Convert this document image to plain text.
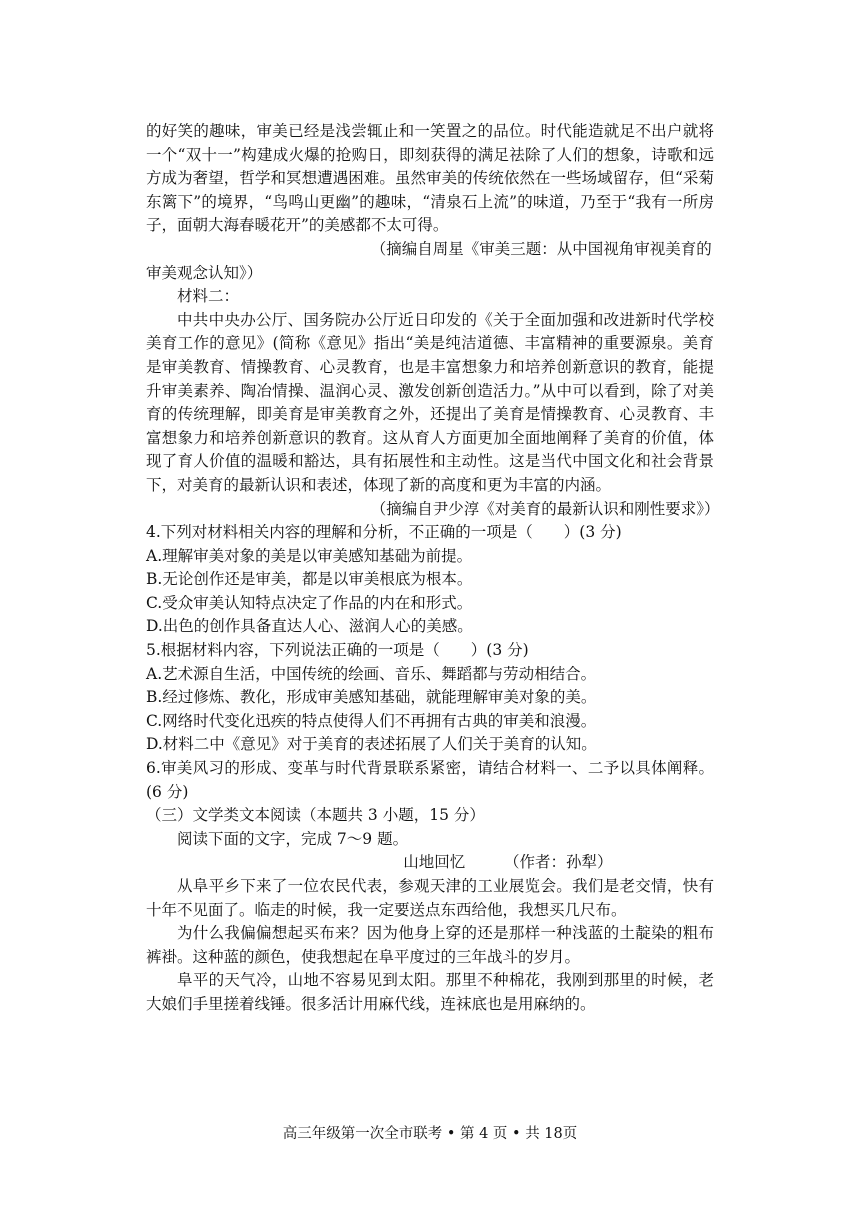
的好笑的趣味，审美已经是浅尝辄止和一笑置之的品位。时代能造就足不出户就将一个“双十一”构建成火爆的抢购日，即刻获得的满足祛除了人们的想象，诗歌和远方成为奢望，哲学和冥想遭遇困难。虽然审美的传统依然在一些场域留存，但“采菊东篱下”的境界，“鸟鸣山更幽”的趣味，“清泉石上流”的味道，乃至于“我有一所房子，面朝大海春暖花开”的美感都不太可得。

（摘编自周星《审美三题：从中国视角审视美育的审美观念认知》）

材料二：

中共中央办公厅、国务院办公厅近日印发的《关于全面加强和改进新时代学校美育工作的意见》(简称《意见》指出“美是纯洁道德、丰富精神的重要源泉。美育是审美教育、情操教育、心灵教育，也是丰富想象力和培养创新意识的教育，能提升审美素养、陶冶情操、温润心灵、激发创新创造活力。”从中可以看到，除了对美育的传统理解，即美育是审美教育之外，还提出了美育是情操教育、心灵教育、丰富想象力和培养创新意识的教育。这从育人方面更加全面地阐释了美育的价值，体现了育人价值的温暖和豁达，具有拓展性和主动性。这是当代中国文化和社会背景下，对美育的最新认识和表述，体现了新的高度和更为丰富的内涵。

（摘编自尹少淳《对美育的最新认识和刚性要求》）

4.下列对材料相关内容的理解和分析，不正确的一项是（　　）(3 分)

A.理解审美对象的美是以审美感知基础为前提。

B.无论创作还是审美，都是以审美根底为根本。

C.受众审美认知特点决定了作品的内在和形式。

D.出色的创作具备直达人心、滋润人心的美感。

5.根据材料内容，下列说法正确的一项是（　　）(3 分)

A.艺术源自生活，中国传统的绘画、音乐、舞蹈都与劳动相结合。

B.经过修炼、教化，形成审美感知基础，就能理解审美对象的美。

C.网络时代变化迅疾的特点使得人们不再拥有古典的审美和浪漫。

D.材料二中《意见》对于美育的表述拓展了人们关于美育的认知。

6.审美风习的形成、变革与时代背景联系紧密，请结合材料一、二予以具体阐释。(6 分)

（三）文学类文本阅读（本题共 3 小题，15 分）

阅读下面的文字，完成 7～9 题。

山地回忆　　　（作者：孙犁）

从阜平乡下来了一位农民代表，参观天津的工业展览会。我们是老交情，快有十年不见面了。临走的时候，我一定要送点东西给他，我想买几尺布。

为什么我偏偏想起买布来？因为他身上穿的还是那样一种浅蓝的土靛染的粗布裤褂。这种蓝的颜色，使我想起在阜平度过的三年战斗的岁月。

阜平的天气冷，山地不容易见到太阳。那里不种棉花，我刚到那里的时候，老大娘们手里搓着线锤。很多活计用麻代线，连袜底也是用麻纳的。

高三年级第一次全市联考 • 第 4 页 • 共 18页
